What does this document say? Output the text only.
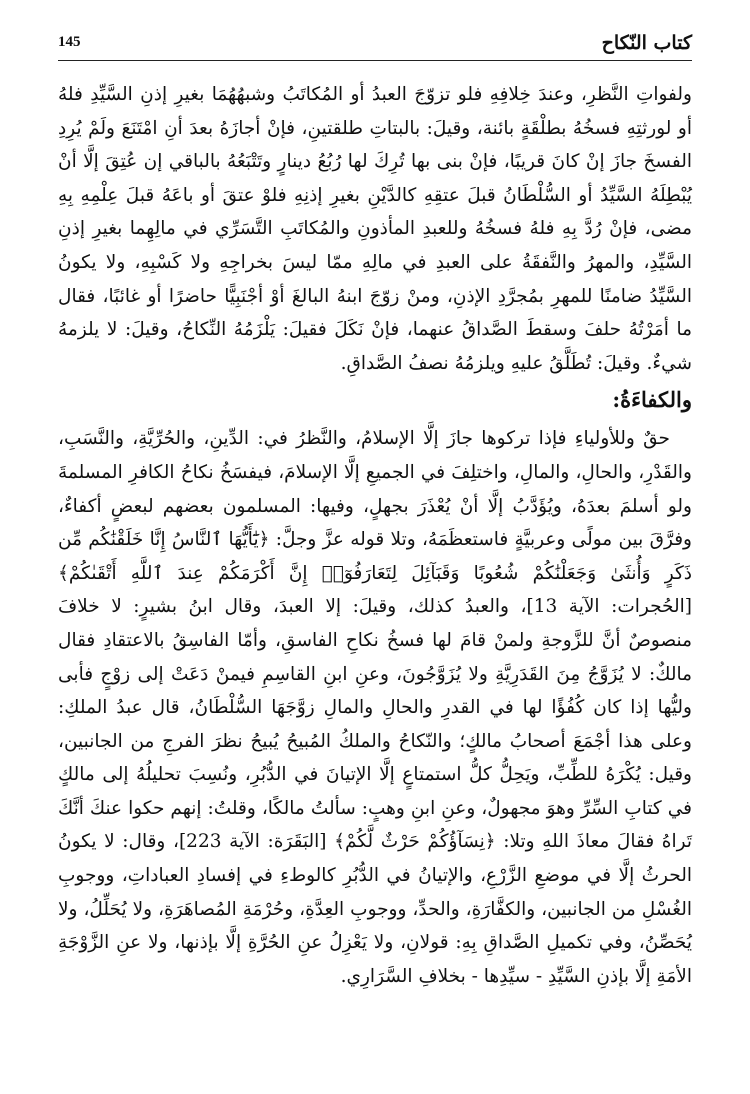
كتاب النّكاح
145

ولفواتِ النَّظرِ، وعندَ خِلافِهِ فلو تزوّجَ العبدُ أو المُكاتَبُ وشبهُهُمَا بغيرِ إذنِ السَّيِّدِ فلهُ أو لورثتِهِ فسخُهُ بطلْقَةٍ بائنة، وقيلَ: بالبتاتِ طلقتينِ، فإنْ أجازَهُ بعدَ أنِ امْتَنَعَ ولَمْ يُرِدِ الفسخَ جازَ إنْ كانَ قريبًا، فإنْ بنى بها تُرِكَ لها رُبُعُ دينارٍ وتَتْبَعُهُ بالباقي إن عُتِقَ إلَّا أنْ يُبْطِلَهُ السَّيِّدُ أو السُّلْطَانُ قبلَ عتقِهِ كالدَّيْنِ بغيرِ إذنِهِ فلوْ عتقَ أو باعَهُ قبلَ عِلْمِهِ بِهِ مضى، فإنْ رُدَّ بِهِ فلهُ فسخُهُ وللعبدِ المأذونِ والمُكاتَبِ التَّسَرِّي في مالِهِما بغيرِ إذنِ السَّيِّدِ، والمهرُ والنَّفقَةُ على العبدِ في مالِهِ ممّا ليسَ بخراجِهِ ولا كَسْبِهِ، ولا يكونُ السَّيِّدُ ضامنًا للمهرِ بمُجرَّدِ الإذنِ، ومنْ زوّجَ ابنهُ البالغَ أوْ أجْنَبِيًّا حاضرًا أو غائبًا، فقال ما أمَرْتُهُ حلفَ وسقطَ الصَّداقُ عنهما، فإنْ نَكَلَ فقيلَ: يَلْزَمُهُ النِّكاحُ، وقيلَ: لا يلزمهُ شيءٌ. وقيلَ: تُطَلَّقُ عليهِ ويلزمُهُ نصفُ الصَّداقِ.

والكفاءَةُ:

حقٌ وللأولياءِ فإذا تركوها جازَ إلَّا الإسلامُ، والنَّظرُ في: الدِّينِ، والحُرِّيَّةِ، والنَّسَبِ، والقَدْرِ، والحالِ، والمالِ، واختلِفَ في الجميعِ إلَّا الإسلامَ، فيفسَخُ نكاحُ الكافرِ المسلمةَ ولو أسلمَ بعدَهُ، ويُؤَدَّبُ إلَّا أنْ يُعْذَرَ بجهلٍ، وفيها: المسلمون بعضهم لبعضٍ أكفاءٌ، وفرَّقَ بين مولًى وعربيَّةٍ فاستعظَمَهُ، وتلا قوله عزَّ وجلَّ: ﴿يَٰٓأَيُّهَا ٱلنَّاسُ إِنَّا خَلَقْنَٰكُم مِّن ذَكَرٍ وَأُنثَىٰ وَجَعَلْنَٰكُمْ شُعُوبًا وَقَبَآئِلَ لِتَعَارَفُوٓا۟ إِنَّ أَكْرَمَكُمْ عِندَ ٱللَّهِ أَتْقَىٰكُمْ﴾ [الحُجرات: الآية 13]، والعبدُ كذلك، وقيلَ: إلا العبدَ، وقال ابنُ بشيرٍ: لا خلافَ منصوصٌ أنَّ للزَّوجةِ ولمنْ قامَ لها فسخُ نكاحِ الفاسقِ، وأمّا الفاسِقُ بالاعتقادِ فقال مالكٌ: لا يُزَوَّجُ مِنَ القَدَرِيَّةِ ولا يُزَوَّجُونَ، وعنِ ابنِ القاسِمِ فيمنْ دَعَتْ إلى زوْجٍ فأبى وليُّها إذا كان كُفُؤًا لها في القدرِ والحالِ والمالِ زوَّجَهَا السُّلْطَانُ، قال عبدُ الملكِ: وعلى هذا أجْمَعَ أصحابُ مالكٍ؛ والنّكاحُ والملكُ المُبيحُ يُبيحُ نظرَ الفرجِ من الجانبين، وقيل: يُكْرَهُ للطِّبِّ، ويَحِلُّ كلُّ استمتاعٍ إلَّا الإتيانَ في الدُّبُرِ، ونُسِبَ تحليلُهُ إلى مالكٍ في كتابِ السِّرِّ وهوَ مجهولٌ، وعنِ ابنِ وهبٍ: سألتُ مالكًا، وقلتُ: إنهم حكوا عنكَ أنَّكَ تَراهُ فقالَ معاذَ اللهِ وتلا: ﴿نِسَآؤُكُمْ حَرْثٌ لَّكُمْ﴾ [البَقَرَة: الآية 223]، وقال: لا يكونُ الحرثُ إلَّا في موضعِ الزَّرْعِ، والإتيانُ في الدُّبُرِ كالوطءِ في إفسادِ العباداتِ، ووجوبِ الغُسْلِ من الجانبين، والكفَّارَةِ، والحدِّ، ووجوبِ العِدَّةِ، وحُرْمَةِ المُصاهَرَةِ، ولا يُحَلِّلُ، ولا يُحَصِّنُ، وفي تكميلِ الصَّداقِ بِهِ: قولانِ، ولا يَعْزِلُ عنِ الحُرَّةِ إلَّا بإذنها، ولا عنِ الزَّوْجَةِ الأمَةِ إلَّا بإذنِ السَّيِّدِ - سيِّدِها - بخلافِ السَّرَارِي.
